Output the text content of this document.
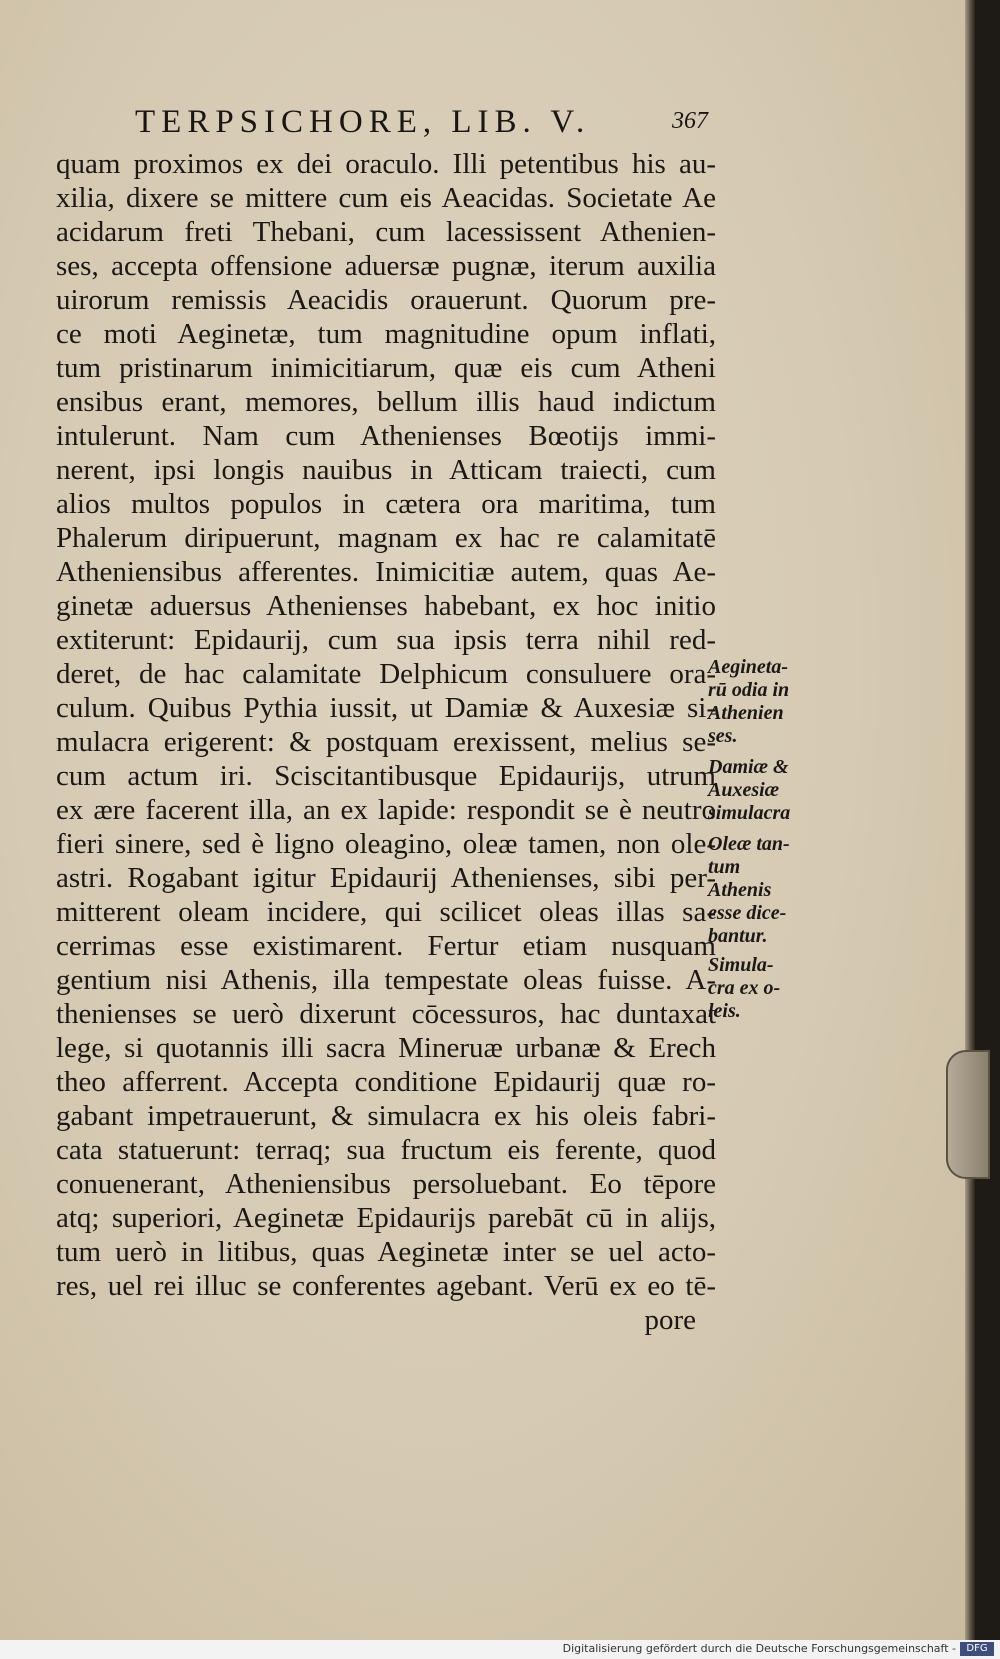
TERPSICHORE, LIB. V.	367
quam proximos ex dei oraculo. Illi petentibus his au-
xilia, dixere se mittere cum eis Aeacidas. Societate Ae
acidarum freti Thebani, cum lacessissent Athenien-
ses, accepta offensione aduersæ pugnæ, iterum auxilia
uirorum remissis Aeacidis orauerunt. Quorum pre-
ce moti Aeginetæ, tum magnitudine opum inflati,
tum pristinarum inimicitiarum, quæ eis cum Atheni
ensibus erant, memores, bellum illis haud indictum
intulerunt. Nam cum Athenienses Bœotijs immi-
nerent, ipsi longis nauibus in Atticam traiecti, cum
alios multos populos in cætera ora maritima, tum
Phalerum diripuerunt, magnam ex hac re calamitatē
Atheniensibus afferentes. Inimicitiæ autem, quas Ae-
ginetæ aduersus Athenienses habebant, ex hoc initio
extiterunt: Epidaurij, cum sua ipsis terra nihil red-
deret, de hac calamitate Delphicum consuluere ora-
culum. Quibus Pythia iussit, ut Damiæ & Auxesiæ si-
mulacra erigerent: & postquam erexissent, melius se-
cum actum iri. Sciscitantibusque Epidaurijs, utrum
ex ære facerent illa, an ex lapide: respondit se è neutro
fieri sinere, sed è ligno oleagino, oleæ tamen, non ole-
astri. Rogabant igitur Epidaurij Athenienses, sibi per-
mitterent oleam incidere, qui scilicet oleas illas sa-
cerrimas esse existimarent. Fertur etiam nusquam
gentium nisi Athenis, illa tempestate oleas fuisse. A-
thenienses se uerò dixerunt cōcessuros, hac duntaxat
lege, si quotannis illi sacra Mineruæ urbanæ & Erech
theo afferrent. Accepta conditione Epidaurij quæ ro-
gabant impetrauerunt, & simulacra ex his oleis fabri-
cata statuerunt: terraq; sua fructum eis ferente, quod
conuenerant, Atheniensibus persoluebant. Eo tēpore
atq; superiori, Aeginetæ Epidaurijs parebāt cū in alijs,
tum uerò in litibus, quas Aeginetæ inter se uel acto-
res, uel rei illuc se conferentes agebant. Verū ex eo tē-
pore
Aegineta-
rū odia in
Athenien
ses.
Damiæ &
Auxesiæ
simulacra
Oleæ tan-
tum
Athenis
esse dice-
bantur.
Simula-
cra ex o-
leis.
Digitalisierung gefördert durch die Deutsche Forschungsgemeinschaft -	DFG
